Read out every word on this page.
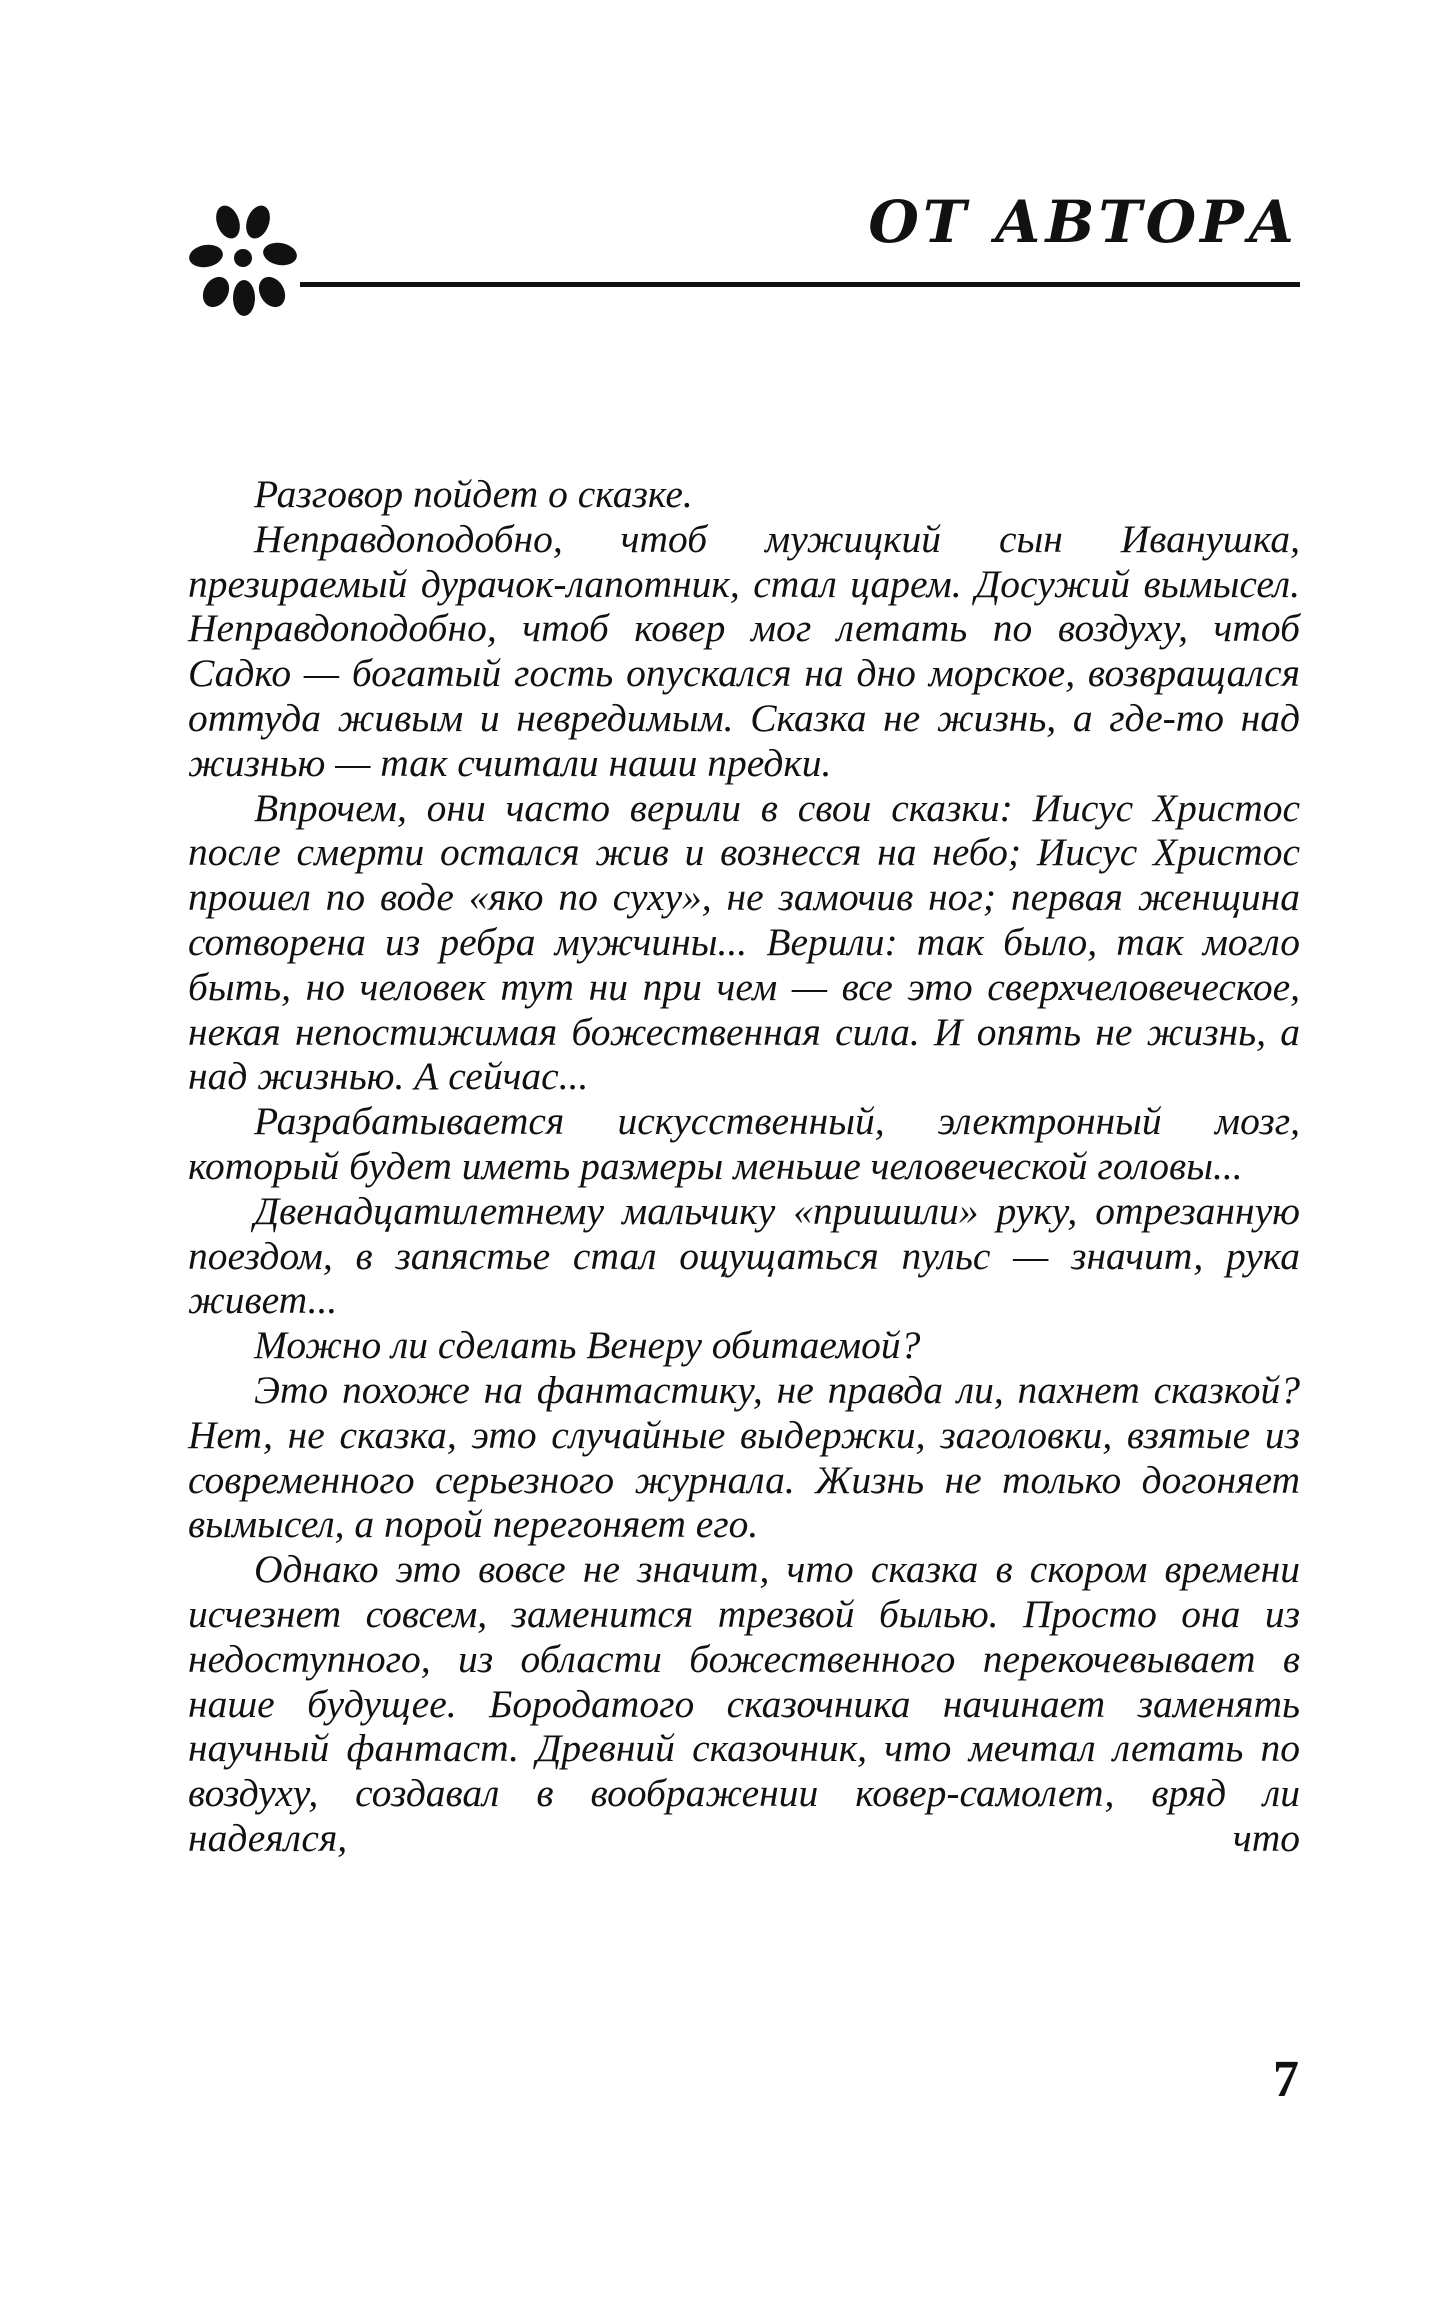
ОТ АВТОРА

Разговор пойдет о сказке.

Неправдоподобно, чтоб мужицкий сын Иванушка, презираемый дурачок-лапотник, стал царем. Досужий вымысел. Неправдоподобно, чтоб ковер мог летать по воздуху, чтоб Садко — богатый гость опускался на дно морское, возвращался оттуда живым и невредимым. Сказка не жизнь, а где-то над жизнью — так считали наши предки.

Впрочем, они часто верили в свои сказки: Иисус Христос после смерти остался жив и вознесся на небо; Иисус Христос прошел по воде «яко по сухy», не замочив ног; первая женщина сотворена из ребра мужчины... Верили: так было, так могло быть, но человек тут ни при чем — все это сверхчеловеческое, некая непостижимая божественная сила. И опять не жизнь, а над жизнью. А сейчас...

Разрабатывается искусственный, электронный мозг, который будет иметь размеры меньше человеческой головы...

Двенадцатилетнему мальчику «пришили» руку, отрезанную поездом, в запястье стал ощущаться пульс — значит, рука живет...

Можно ли сделать Венеру обитаемой?

Это похоже на фантастику, не правда ли, пахнет сказкой? Нет, не сказка, это случайные выдержки, заголовки, взятые из современного серьезного журнала. Жизнь не только догоняет вымысел, а порой перегоняет его.

Однако это вовсе не значит, что сказка в скором времени исчезнет совсем, заменится трезвой былью. Просто она из недоступного, из области божественного перекочевывает в наше будущее. Бородатого сказочника начинает заменять научный фантаст. Древний сказочник, что мечтал летать по воздуху, создавал в воображении ковер-самолет, вряд ли надеялся, что

7
